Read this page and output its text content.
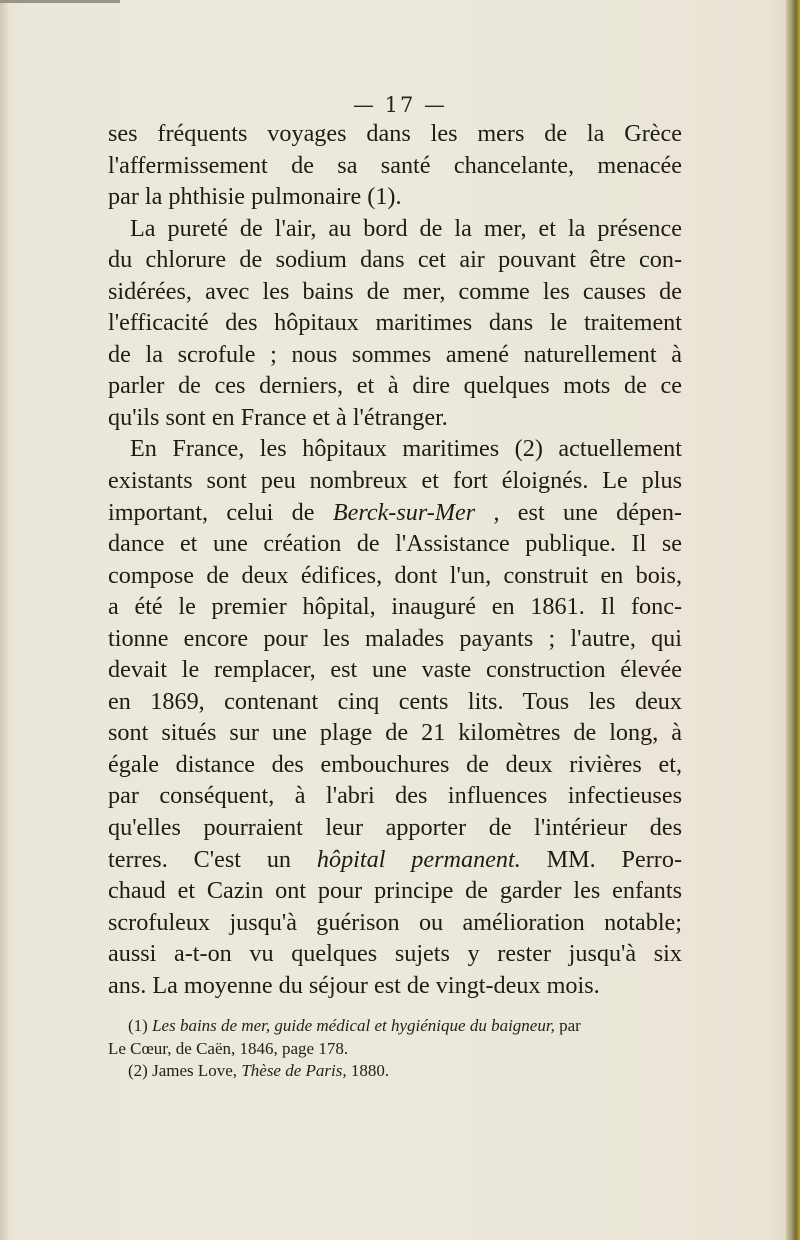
— 17 —

ses fréquents voyages dans les mers de la Grèce
l'affermissement de sa santé chancelante, menacée
par la phthisie pulmonaire (1).

La pureté de l'air, au bord de la mer, et la présence
du chlorure de sodium dans cet air pouvant être con-
sidérées, avec les bains de mer, comme les causes de
l'efficacité des hôpitaux maritimes dans le traitement
de la scrofule ; nous sommes amené naturellement à
parler de ces derniers, et à dire quelques mots de ce
qu'ils sont en France et à l'étranger.

En France, les hôpitaux maritimes (2) actuellement
existants sont peu nombreux et fort éloignés. Le plus
important, celui de Berck-sur-Mer , est une dépen-
dance et une création de l'Assistance publique. Il se
compose de deux édifices, dont l'un, construit en bois,
a été le premier hôpital, inauguré en 1861. Il fonc-
tionne encore pour les malades payants ; l'autre, qui
devait le remplacer, est une vaste construction élevée
en 1869, contenant cinq cents lits. Tous les deux
sont situés sur une plage de 21 kilomètres de long, à
égale distance des embouchures de deux rivières et,
par conséquent, à l'abri des influences infectieuses
qu'elles pourraient leur apporter de l'intérieur des
terres. C'est un hôpital permanent. MM. Perro-
chaud et Cazin ont pour principe de garder les enfants
scrofuleux jusqu'à guérison ou amélioration notable;
aussi a-t-on vu quelques sujets y rester jusqu'à six
ans. La moyenne du séjour est de vingt-deux mois.

(1) Les bains de mer, guide médical et hygiénique du baigneur, par
Le Cœur, de Caën, 1846, page 178.
(2) James Love, Thèse de Paris, 1880.
